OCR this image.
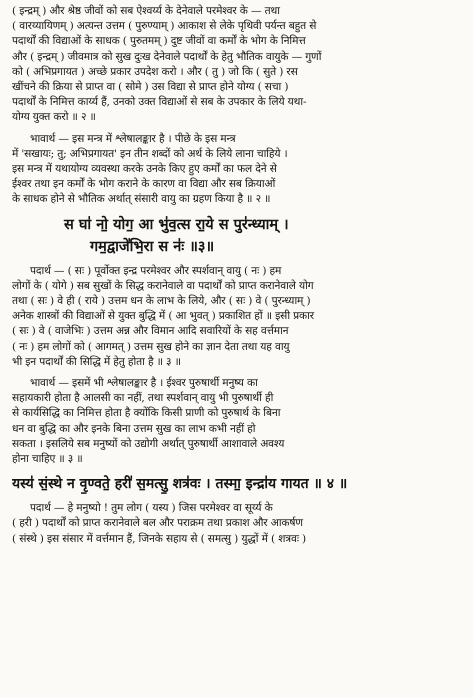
( इन्द्रम् ) और श्रेष्ठ जीवों को सब ऐश्वर्य्य के देनेवाले परमेश्वर के — तथा
( वारय्यायिणम् ) अत्यन्त उत्तम ( पुरुण्याम् ) आकाश से लेके पृथिवी पर्यन्त बहुत से
पदार्थों की विद्याओं के साधक ( पुरुतमम् ) दुष्ट जीवों वा कर्मों के भोग के निमित्त
और ( इन्द्रम् ) जीवमात्र को सुख दुःख देनेवाले पदार्थों के हेतु भौतिक वायुके — गुणों
को ( अभिप्रगायत ) अच्छे प्रकार उपदेश करो । और ( तु ) जो कि ( सुते ) रस
खींचने की क्रिया से प्राप्त वा ( सोमे ) उस विद्या से प्राप्त होने योग्य ( सचा )
पदार्थों के निमित्त कार्य्य हैं, उनको उक्त विद्याओं से सब के उपकार के लिये यथा-
योग्य युक्त करो ॥ २ ॥
भावार्थ — इस मन्त्र में श्लेषालङ्कार है । पीछे के इस मन्त्र
में 'सखायः; तु; अभिप्रगायत' इन तीन शब्दों को अर्थ के लिये लाना चाहिये ।
इस मन्त्र में यथायोग्य व्यवस्था करके उनके किए हुए कर्मों का फल देने से
ईश्वर तथा इन कर्मों के भोग कराने के कारण वा विद्या और सब क्रियाओं
के साधक होने से भौतिक अर्थात् संसारी वायु का ग्रहण किया है ॥ २ ॥
स घा॑ नो॒ योग॒ आ भु॑व॒त्स रा॒ये स पुर॑न्ध्याम् ।
गम॒द्वाजे॑भि॒रा स नः॑ ॥३॥
पदार्थ — ( सः ) पूर्वोक्त इन्द्र परमेश्वर और स्पर्शवान् वायु ( नः ) हम
लोगों के ( योगे ) सब सुखों के सिद्ध करानेवाले वा पदार्थों को प्राप्त करानेवाले योग
तथा ( सः ) वे ही ( राये ) उत्तम धन के लाभ के लिये, और ( सः ) वे ( पुरन्ध्याम् )
अनेक शास्त्रों की विद्याओं से युक्त बुद्धि में ( आ भुवत् ) प्रकाशित हों ॥ इसी प्रकार
( सः ) वे ( वाजेभिः ) उत्तम अन्न और विमान आदि सवारियों के सह वर्त्तमान
( नः ) हम लोगों को ( आगमत् ) उत्तम सुख होने का ज्ञान देता तथा यह वायु
भी इन पदार्थों की सिद्धि में हेतु होता है ॥ ३ ॥
भावार्थ — इसमें भी श्लेषालङ्कार है । ईश्वर पुरुषार्थी मनुष्य का
सहायकारी होता है आलसी का नहीं, तथा स्पर्शवान् वायु भी पुरुषार्थी ही
से कार्यसिद्धि का निमित्त होता है क्योंकि किसी प्राणी को पुरुषार्थ के बिना
धन वा बुद्धि का और इनके बिना उत्तम सुख का लाभ कभी नहीं हो
सकता । इसलिये सब मनुष्यों को उद्योगी अर्थात् पुरुषार्थी आशावाले अवश्य
होना चाहिए ॥ ३ ॥
यस्य॑ सं॒स्थे न वृ॒ण्वते॒ हरी॑ स॒मत्सु॒ शत्र॑वः । तस्मा॒ इन्द्रा॑य गायत ॥ ४ ॥
पदार्थ — हे मनुष्यो ! तुम लोग ( यस्य ) जिस परमेश्वर वा सूर्य्य के
( हरी ) पदार्थों को प्राप्त करानेवाले बल और पराक्रम तथा प्रकाश और आकर्षण
( संस्थे ) इस संसार में वर्त्तमान हैं, जिनके सहाय से ( समत्सु ) युद्धों में ( शत्रवः )
